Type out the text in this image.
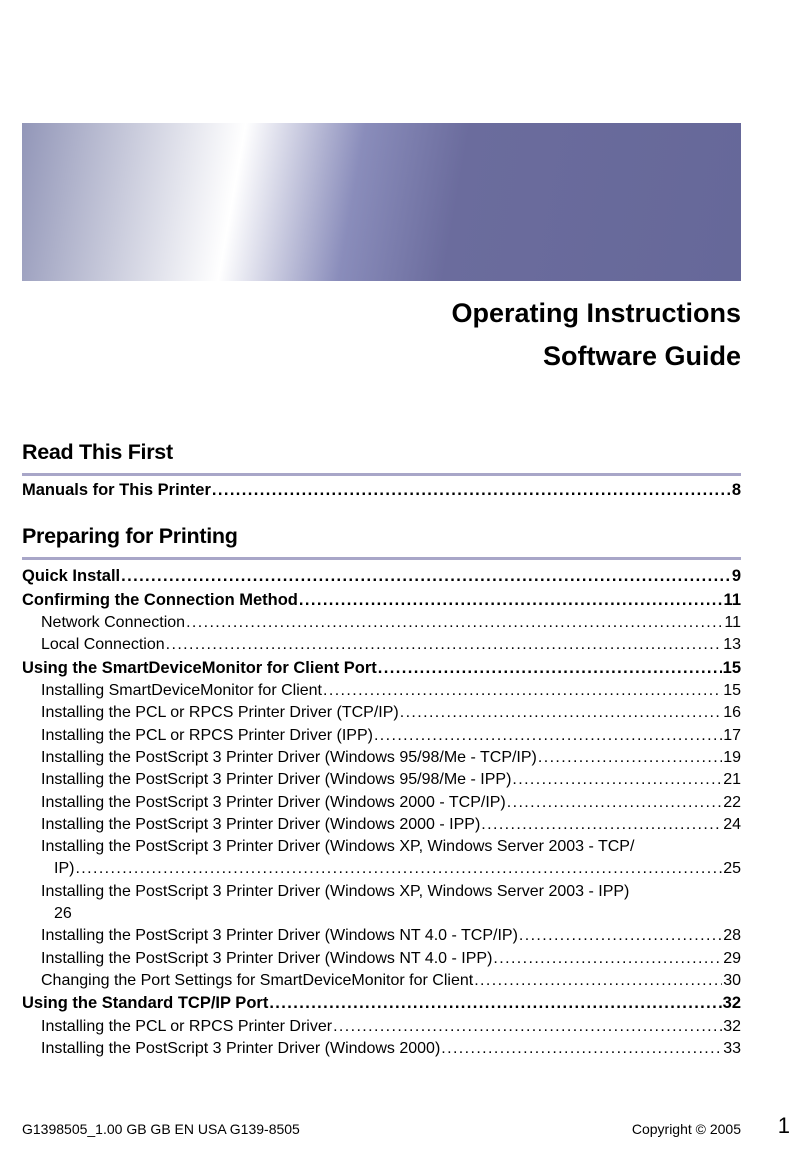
Operating Instructions
Software Guide
Read This First
Manuals for This Printer .....	8
Preparing for Printing
Quick Install .....	9
Confirming the Connection Method .....	11
Network Connection .....	11
Local Connection .....	13
Using the SmartDeviceMonitor for Client Port .....	15
Installing SmartDeviceMonitor for Client .....	15
Installing the PCL or RPCS Printer Driver (TCP/IP) .....	16
Installing the PCL or RPCS Printer Driver (IPP) .....	17
Installing the PostScript 3 Printer Driver (Windows 95/98/Me - TCP/IP) .....	19
Installing the PostScript 3 Printer Driver (Windows 95/98/Me - IPP) .....	21
Installing the PostScript 3 Printer Driver (Windows 2000 - TCP/IP) .....	22
Installing the PostScript 3 Printer Driver (Windows 2000 - IPP) .....	24
Installing the PostScript 3 Printer Driver (Windows XP, Windows Server 2003 - TCP/
IP) .....	25
Installing the PostScript 3 Printer Driver (Windows XP, Windows Server 2003 - IPP)
26
Installing the PostScript 3 Printer Driver (Windows NT 4.0 - TCP/IP) .....	28
Installing the PostScript 3 Printer Driver (Windows NT 4.0 - IPP) .....	29
Changing the Port Settings for SmartDeviceMonitor for Client .....	30
Using the Standard TCP/IP Port .....	32
Installing the PCL or RPCS Printer Driver .....	32
Installing the PostScript 3 Printer Driver (Windows 2000) .....	33
G1398505_1.00 GB GB EN USA G139-8505	Copyright © 2005 1
